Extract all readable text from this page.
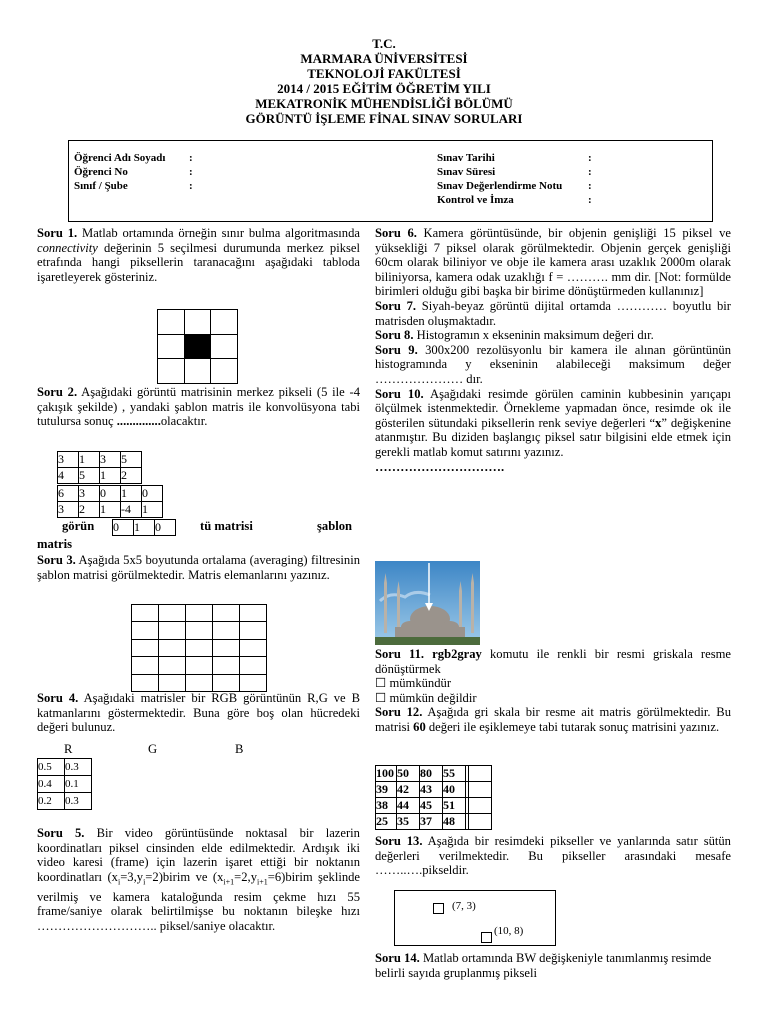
T.C.
MARMARA ÜNİVERSİTESİ
TEKNOLOJİ FAKÜLTESİ
2014 / 2015 EĞİTİM ÖĞRETİM YILI
MEKATRONİK MÜHENDİSLİĞİ BÖLÜMÜ
GÖRÜNTÜ İŞLEME FİNAL SINAV SORULARI
Öğrenci Adı Soyadı :
Öğrenci No	:
Sınıf / Şube	:
Sınav Tarihi	:
Sınav Süresi	:
Sınav Değerlendirme Notu :
Kontrol ve İmza	:

Soru 1. Matlab ortamında örneğin sınır bulma algoritmasında connectivity değerinin 5 seçilmesi durumunda merkez piksel etrafında hangi piksellerin taranacağını aşağıdaki tabloda işaretleyerek gösteriniz.

Soru 2. Aşağıdaki görüntü matrisinin merkez pikseli (5 ile -4 çakışık şekilde) , yandaki şablon matris ile konvolüsyona tabi tutulursa sonuç ..............olacaktır.

3	1	3	5
4	5	1	2
6	3	0	1	0
3	2	1	-4	1
görün 0	1	0	tü matrisi	şablon
matris

Soru 3. Aşağıda 5x5 boyutunda ortalama (averaging) filtresinin şablon matrisi görülmektedir. Matris elemanlarını yazınız.

Soru 4. Aşağıdaki matrisler bir RGB görüntünün R,G ve B katmanlarını göstermektedir. Buna göre boş olan hücredeki değeri bulunuz.

R	G	B
0.5	0.3
0.4	0.1
0.2	0.3

Soru 5. Bir video görüntüsünde noktasal bir lazerin koordinatları piksel cinsinden elde edilmektedir. Ardışık iki video karesi (frame) için lazerin işaret ettiği bir noktanın koordinatları $(x_i=3,y_i=2)birim$ ve $(x_{i+1}=2,y_{i+1}=6)birim$ şeklinde verilmiş ve kamera kataloğunda resim çekme hızı 55 frame/saniye olarak belirtilmişse bu noktanın bileşke hızı ……………………….. piksel/saniye olacaktır.

Soru 6. Kamera görüntüsünde, bir objenin genişliği 15 piksel ve yüksekliği 7 piksel olarak görülmektedir. Objenin gerçek genişliği 60cm olarak biliniyor ve obje ile kamera arası uzaklık 2000m olarak biliniyorsa, kamera odak uzaklığı f = ………. mm dir. [Not: formülde birimleri olduğu gibi başka bir birime dönüştürmeden kullanınız]

Soru 7. Siyah-beyaz görüntü dijital ortamda ………… boyutlu bir matrisden oluşmaktadır.

Soru 8. Histogramın x ekseninin maksimum değeri dır.

Soru 9. 300x200 rezolüsyonlu bir kamera ile alınan görüntünün histogramında y ekseninin alabileceği maksimum değer ………………… dır.

Soru 10. Aşağıdaki resimde görülen caminin kubbesinin yarıçapı ölçülmek istenmektedir. Örnekleme yapmadan önce, resimde ok ile gösterilen sütundaki piksellerin renk seviye değerleri “x” değişkenine atanmıştır. Bu diziden başlangıç piksel satır bilgisini elde etmek için gerekli matlab komut satırını yazınız.

………………………….

Soru 11. rgb2gray komutu ile renkli bir resmi griskala resme dönüştürmek

☐ mümkündür

☐ mümkün değildir

Soru 12. Aşağıda gri skala bir resme ait matris görülmektedir. Bu matrisi 60 değeri ile eşiklemeye tabi tutarak sonuç matrisini yazınız.

100	50	80	55		
39	42	43	40		
38	44	45	51		
25	35	37	48		

Soru 13. Aşağıda bir resimdeki pikseller ve yanlarında satır sütün değerleri verilmektedir. Bu pikseller arasındaki mesafe ……..….pikseldir.

(7, 3)
(10, 8)

Soru 14. Matlab ortamında BW değişkeniyle tanımlanmış resimde belirli sayıda gruplanmış pikseli
